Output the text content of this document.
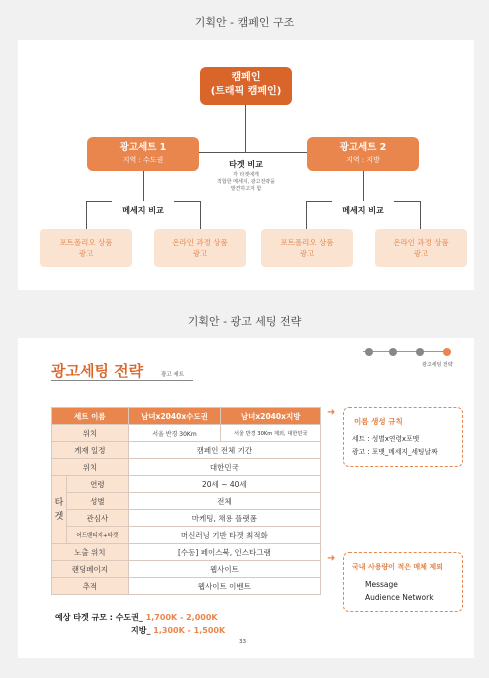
기획안 - 캠페인 구조
캠페인
(트래픽 캠페인)
광고세트 1
지역 : 수도권
광고세트 2
지역 : 지방
타겟 비교
각 타겟에게
적합한 메세지, 광고전략을
발견하고자 함
메세지 비교	메세지 비교
포트폴리오 상품
광고
온라인 과정 상품
광고
포트폴리오 상품
광고
온라인 과정 상품
광고
기획안 - 광고 세팅 전략
광고세팅 전략	광고 세트
광고세팅 전략
세트 이름		남녀x2040x수도권	남녀x2040x지방
위치		서울 반경 30Km	서울 반경 30Km 제외, 대한민국
게재 일정		캠페인 전체 기간	
위치		대한민국	

타겟	연령	20세 ~ 40세	
	성별	전체	
	관심사	마케팅, 채용 플랫폼	
	어드밴티지+타겟	머신러닝 기반 타겟 최적화	
노출 위치		[수동] 페이스북, 인스타그램	
랜딩페이지		웹사이트	
추적		웹사이트 이벤트	
➜
➜
이름 생성 규칙
세트 : 성별x연령x포맷
광고 : 포맷_메세지_세팅날짜
국내 사용량이 적은 매체 제외
Message
Audience Network
예상 타겟 규모 : 수도권_ 1,700K - 2,000K
지방_ 1,300K - 1,500K
33
